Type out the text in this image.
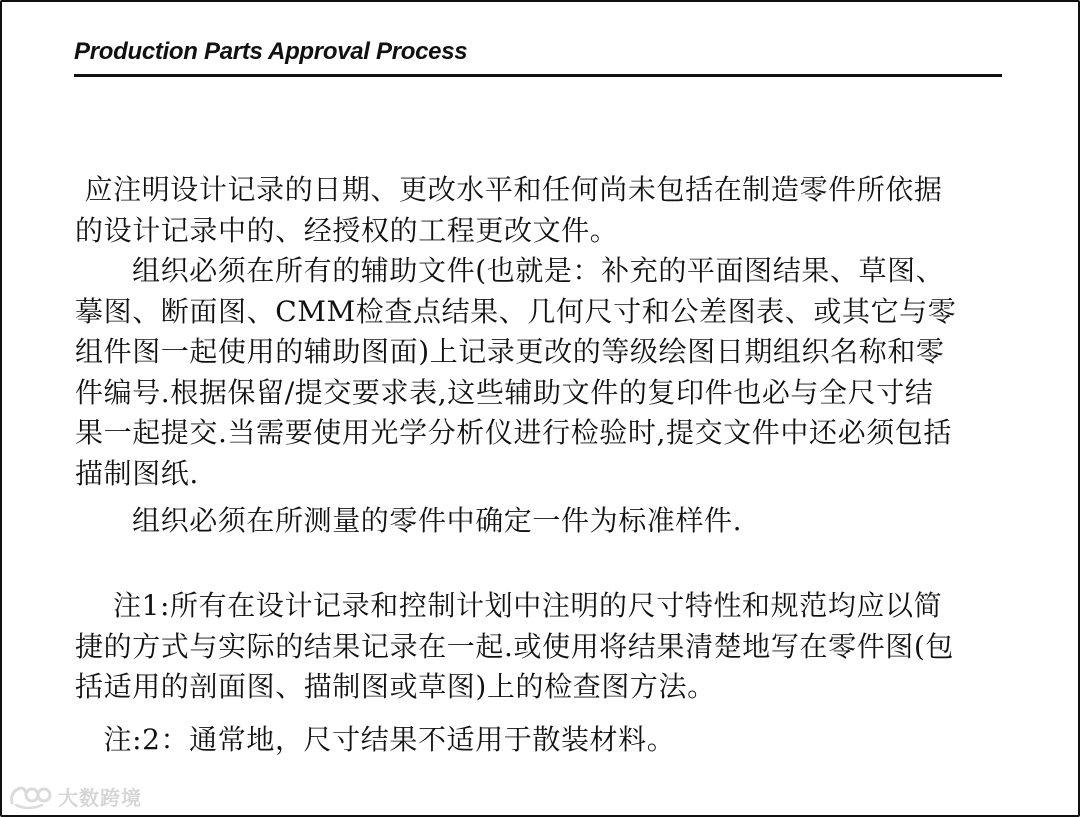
Production Parts Approval Process
应注明设计记录的日期、更改水平和任何尚未包括在制造零件所依据
的设计记录中的、经授权的工程更改文件。
组织必须在所有的辅助文件(也就是：补充的平面图结果、草图、
摹图、断面图、CMM检查点结果、几何尺寸和公差图表、或其它与零
组件图一起使用的辅助图面)上记录更改的等级绘图日期组织名称和零
件编号.根据保留/提交要求表,这些辅助文件的复印件也必与全尺寸结
果一起提交.当需要使用光学分析仪进行检验时,提交文件中还必须包括
描制图纸.
组织必须在所测量的零件中确定一件为标准样件.
注1:所有在设计记录和控制计划中注明的尺寸特性和规范均应以简
捷的方式与实际的结果记录在一起.或使用将结果清楚地写在零件图(包
括适用的剖面图、描制图或草图)上的检查图方法。
注:2：通常地，尺寸结果不适用于散装材料。
大数跨境
